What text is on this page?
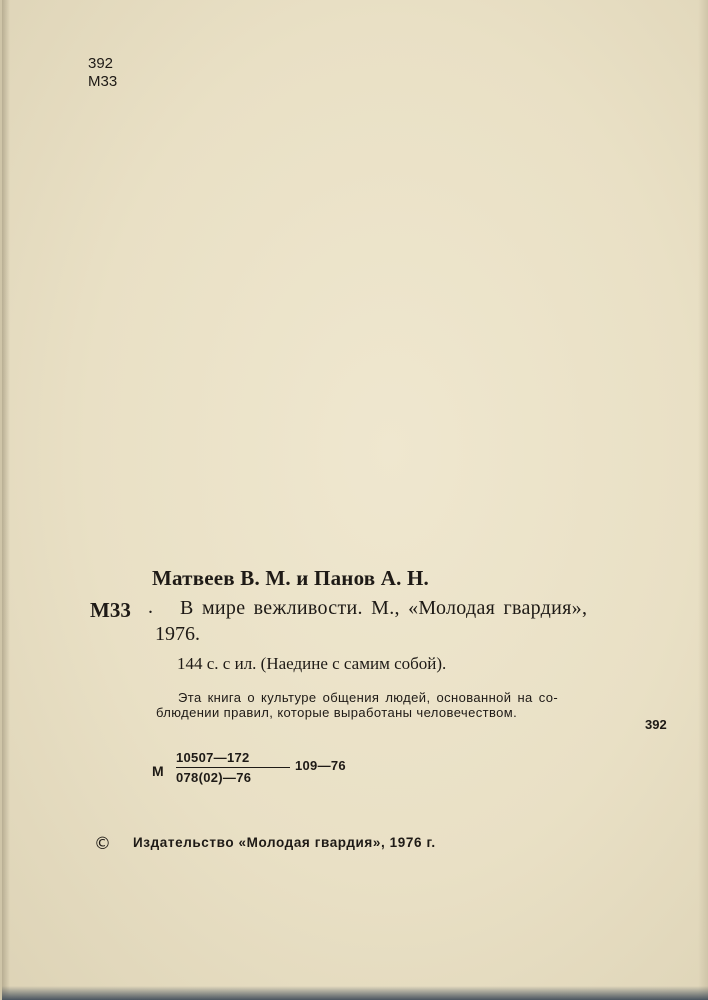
392
М33
Матвеев В. М. и Панов А. Н.
М33 . В мире вежливости. М., «Молодая гвардия»,
1976.
144 с. с ил. (Наедине с самим собой).
Эта книга о культуре общения людей, основанной на со-
блюдении правил, которые выработаны человечеством.
392
М
10507—172
078(02)—76
109—76
© Издательство «Молодая гвардия», 1976 г.
